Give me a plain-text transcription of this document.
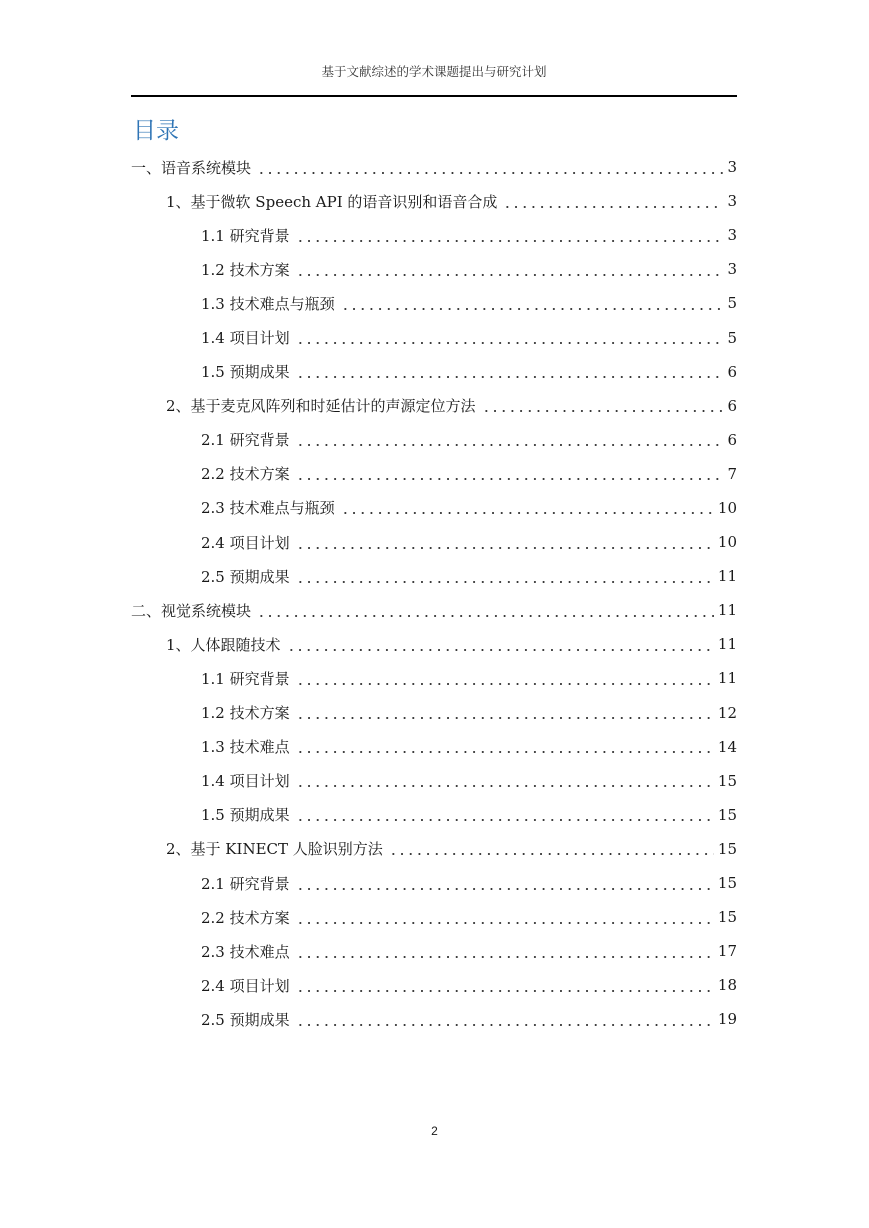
基于文献综述的学术课题提出与研究计划
目录
一、语音系统模块	3
1、基于微软 Speech API 的语音识别和语音合成	3
1.1 研究背景	3
1.2 技术方案	3
1.3 技术难点与瓶颈	5
1.4 项目计划	5
1.5 预期成果	6
2、基于麦克风阵列和时延估计的声源定位方法	6
2.1 研究背景	6
2.2 技术方案	7
2.3 技术难点与瓶颈	10
2.4 项目计划	10
2.5 预期成果	11
二、视觉系统模块	11
1、人体跟随技术	11
1.1 研究背景	11
1.2 技术方案	12
1.3 技术难点	14
1.4 项目计划	15
1.5 预期成果	15
2、基于 KINECT 人脸识别方法	15
2.1 研究背景	15
2.2 技术方案	15
2.3 技术难点	17
2.4 项目计划	18
2.5 预期成果	19
2
